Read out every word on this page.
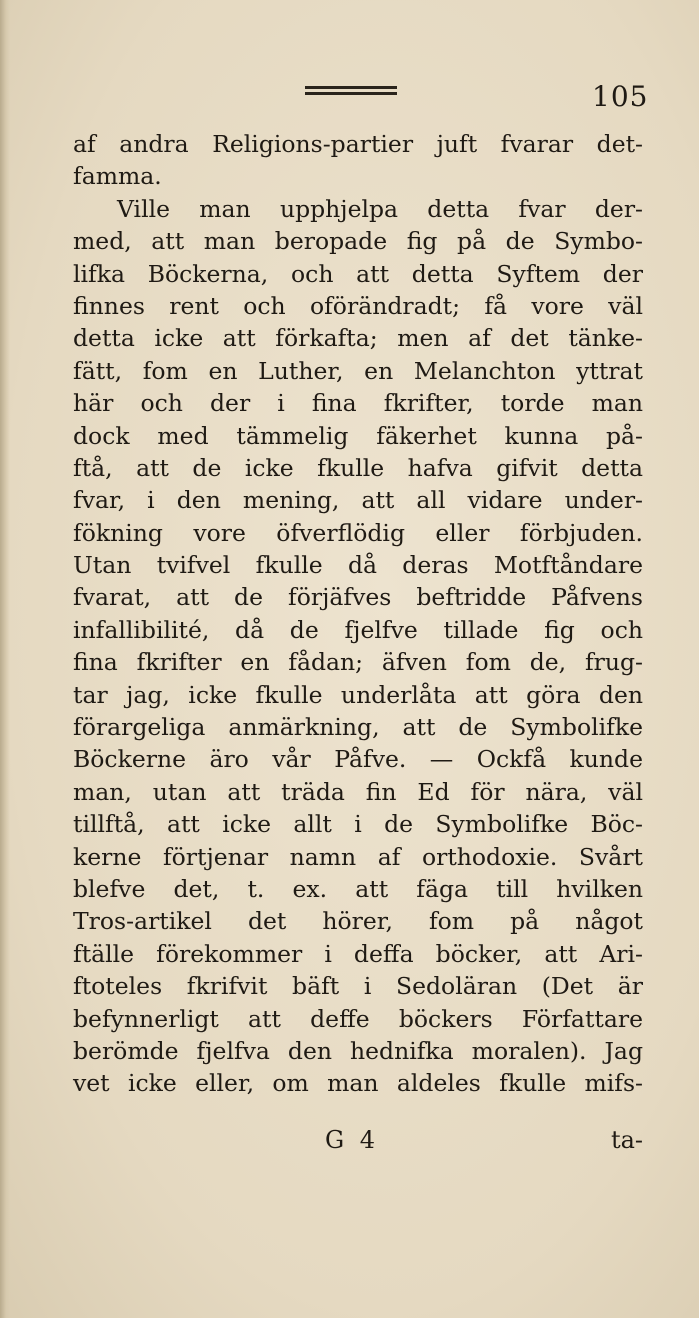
105
af andra Religions-partier juft fvarar det-
famma.
Ville man upphjelpa detta fvar der-
med, att man beropade fig på de Symbo-
lifka Böckerna, och att detta Syftem der
finnes rent och oförändradt; få vore väl
detta icke att förkafta; men af det tänke-
fätt, fom en Luther, en Melanchton yttrat
här och der i fina fkrifter, torde man
dock med tämmelig fäkerhet kunna på-
ftå, att de icke fkulle hafva gifvit detta
fvar, i den mening, att all vidare under-
fökning vore öfverflödig eller förbjuden.
Utan tvifvel fkulle då deras Motftåndare
fvarat, att de förjäfves beftridde Påfvens
infallibilité, då de fjelfve tillade fig och
fina fkrifter en fådan; äfven fom de, frug-
tar jag, icke fkulle underlåta att göra den
förargeliga anmärkning, att de Symbolifke
Böckerne äro vår Påfve. — Ockfå kunde
man, utan att träda fin Ed för nära, väl
tillftå, att icke allt i de Symbolifke Böc-
kerne förtjenar namn af orthodoxie. Svårt
blefve det, t. ex. att fäga till hvilken
Tros-artikel det hörer, fom på något
ftälle förekommer i deffa böcker, att Ari-
ftoteles fkrifvit bäft i Sedoläran (Det är
befynnerligt att deffe böckers Författare
berömde fjelfva den hednifka moralen). Jag
vet icke eller, om man aldeles fkulle mifs-
G 4	ta-
